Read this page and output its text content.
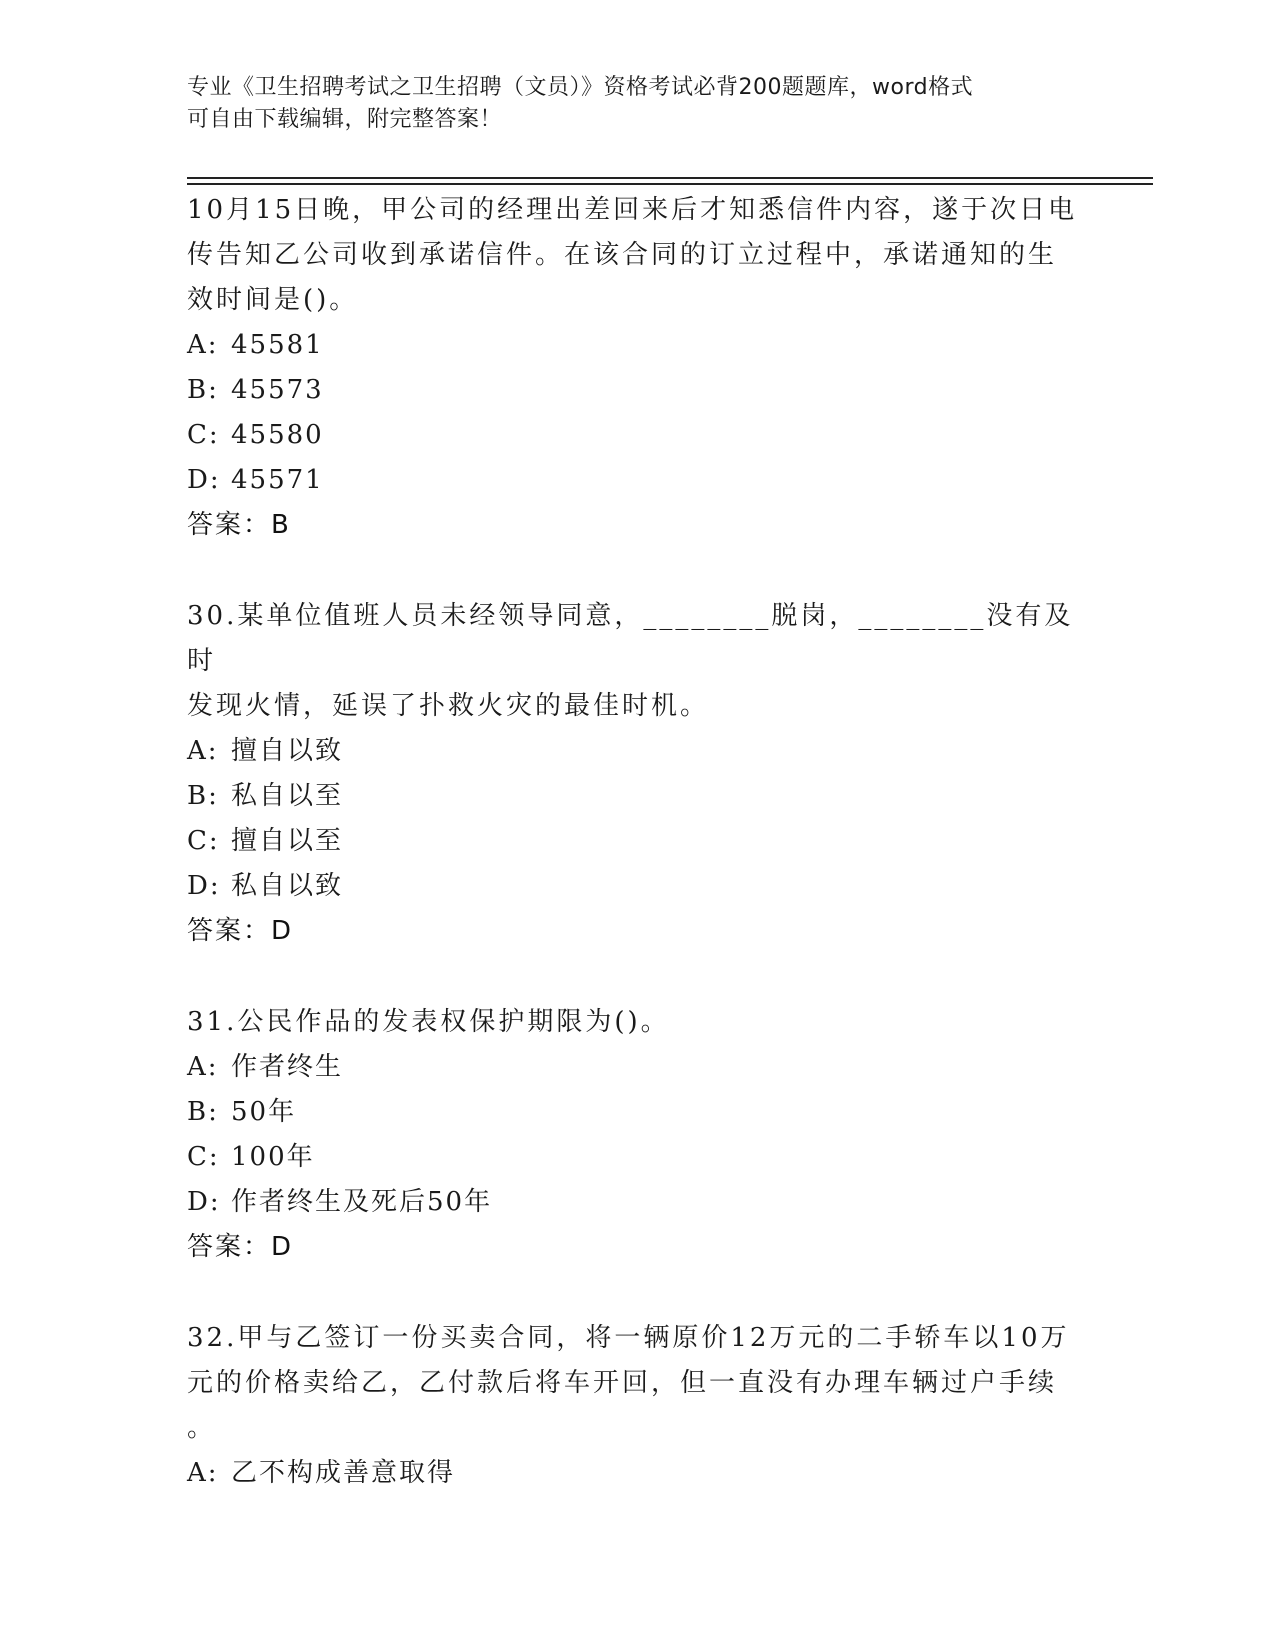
专业《卫生招聘考试之卫生招聘（文员）》资格考试必背200题题库，word格式
可自由下载编辑，附完整答案！

10月15日晚，甲公司的经理出差回来后才知悉信件内容，遂于次日电

传告知乙公司收到承诺信件。在该合同的订立过程中，承诺通知的生

效时间是()。

A: 45581

B: 45573

C: 45580

D: 45571

答案：B

30.某单位值班人员未经领导同意，________脱岗，________没有及时

发现火情，延误了扑救火灾的最佳时机。

A: 擅自以致

B: 私自以至

C: 擅自以至

D: 私自以致

答案：D

31.公民作品的发表权保护期限为()。

A: 作者终生

B: 50年

C: 100年

D: 作者终生及死后50年

答案：D

32.甲与乙签订一份买卖合同，将一辆原价12万元的二手轿车以10万

元的价格卖给乙，乙付款后将车开回，但一直没有办理车辆过户手续

。

A: 乙不构成善意取得
